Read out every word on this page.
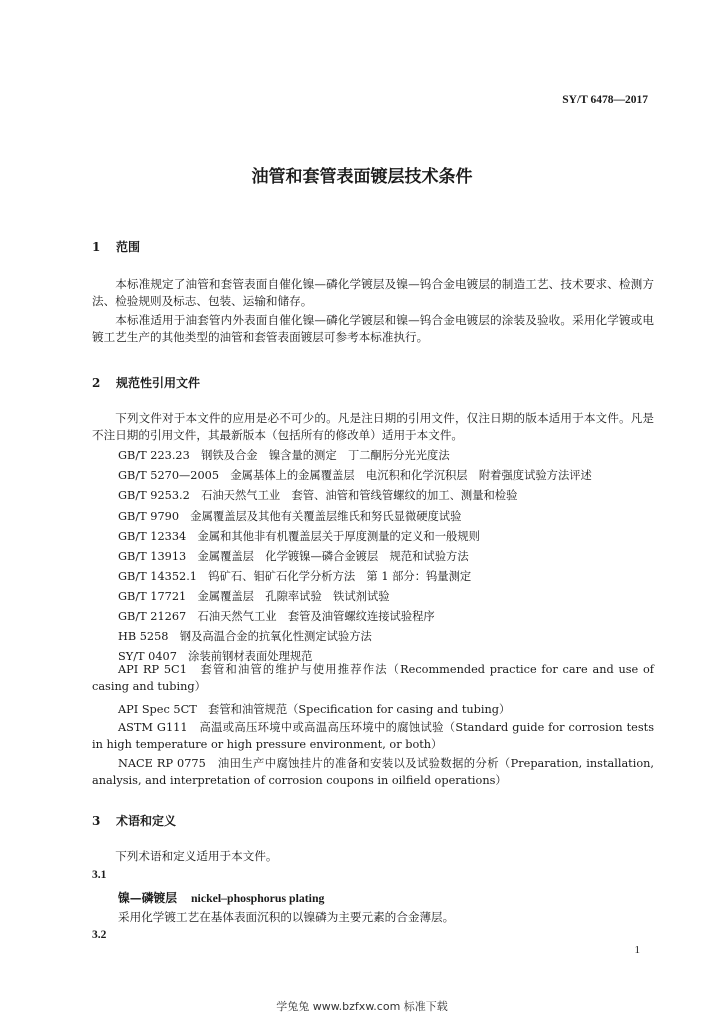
SY/T 6478—2017
油管和套管表面镀层技术条件
1 范围
本标准规定了油管和套管表面自催化镍—磷化学镀层及镍—钨合金电镀层的制造工艺、技术要求、检测方法、检验规则及标志、包装、运输和储存。
本标准适用于油套管内外表面自催化镍—磷化学镀层和镍—钨合金电镀层的涂装及验收。采用化学镀或电镀工艺生产的其他类型的油管和套管表面镀层可参考本标准执行。
2 规范性引用文件
下列文件对于本文件的应用是必不可少的。凡是注日期的引用文件，仅注日期的版本适用于本文件。凡是不注日期的引用文件，其最新版本（包括所有的修改单）适用于本文件。
GB/T 223.23　钢铁及合金　镍含量的测定　丁二酮肟分光光度法
GB/T 5270—2005　金属基体上的金属覆盖层　电沉积和化学沉积层　附着强度试验方法评述
GB/T 9253.2　石油天然气工业　套管、油管和管线管螺纹的加工、测量和检验
GB/T 9790　金属覆盖层及其他有关覆盖层维氏和努氏显微硬度试验
GB/T 12334　金属和其他非有机覆盖层关于厚度测量的定义和一般规则
GB/T 13913　金属覆盖层　化学镀镍—磷合金镀层　规范和试验方法
GB/T 14352.1　钨矿石、钼矿石化学分析方法　第 1 部分：钨量测定
GB/T 17721　金属覆盖层　孔隙率试验　铁试剂试验
GB/T 21267　石油天然气工业　套管及油管螺纹连接试验程序
HB 5258　钢及高温合金的抗氧化性测定试验方法
SY/T 0407　涂装前钢材表面处理规范
API RP 5C1　套管和油管的维护与使用推荐作法（Recommended practice for care and use of casing and tubing）
API Spec 5CT　套管和油管规范（Specification for casing and tubing）
ASTM G111　高温或高压环境中或高温高压环境中的腐蚀试验（Standard guide for corrosion tests in high temperature or high pressure environment, or both）
NACE RP 0775　油田生产中腐蚀挂片的准备和安装以及试验数据的分析（Preparation, installation, analysis, and interpretation of corrosion coupons in oilfield operations）
3 术语和定义
下列术语和定义适用于本文件。
3.1
镍—磷镀层 nickel–phosphorus plating
采用化学镀工艺在基体表面沉积的以镍磷为主要元素的合金薄层。
3.2
1
学兔兔 www.bzfxw.com 标准下载
